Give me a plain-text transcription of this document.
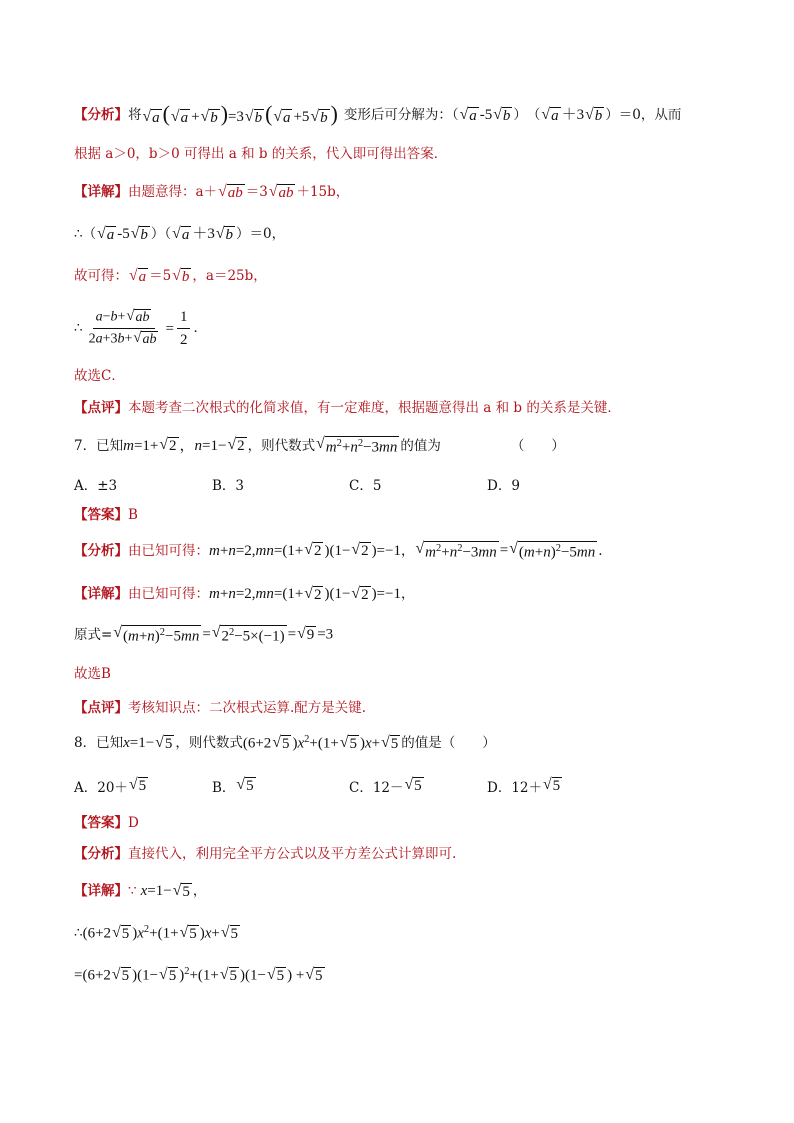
【分析】 将 √ a ( √ a + √ b )=3 √ b ( √ a +5 √ b ) 变形后可分解为：（ √ a -5 √ b ） （ √ a ＋3 √ b ）＝0，从而
根据 a＞0，b＞0 可得出 a 和 b 的关系，代入即可得出答案．
【详解】 由题意得：a＋ √ ab ＝3 √ ab ＋15b，
∴（ √ a -5 √ b ）（ √ a ＋3 √ b ）＝0，
故可得： √ a ＝5 √ b ，a＝25b，
∴ $\frac{a-b+ √ ab}{2a+3b+ √ ab} = \frac{1}{2}$ ．
故选C．
【点评】 本题考查二次根式的化简求值，有一定难度，根据题意得出 a 和 b 的关系是关键．
7．已知 m=1+ √ 2 ，n=1− √ 2 ，则代数式 √ $m^2+n^2-3mn$ 的值为	（　　）
A．±3	B．3	C．5	D．9
【答案】 B
【分析】 由已知可得： m+n=2,mn=(1+ √ 2 )(1− √ 2 )=−1 ， √ $m^2+n^2-3mn$ = √ $(m+n)^2-5mn$ .
【详解】 由已知可得： m+n=2,mn=(1+ √ 2 )(1− √ 2 )=−1 ，
原式= √ $(m+n)^2-5mn$ = √ $2^2-5\times(-1)$ = √ 9 =3
故选B
【点评】 考核知识点：二次根式运算.配方是关键.
8．已知 x=1− √ 5 ，则代数式 (6+2 √ 5 )$x^2+(1+$ √ 5 )x+ √ 5 的值是（　　）
A．20＋ √ 5	B． √ 5	C．12－ √ 5	D．12＋ √ 5
【答案】 D
【分析】 直接代入，利用完全平方公式以及平方差公式计算即可.
【详解】 ∵ x=1− √ 5 ，
∴ (6+2 √ 5 )$x^2+(1+$ √ 5 )x+ √ 5
=(6+2 √ 5 )(1− √ 5 )$^2$+(1+ √ 5 )(1− √ 5 ) + √ 5
